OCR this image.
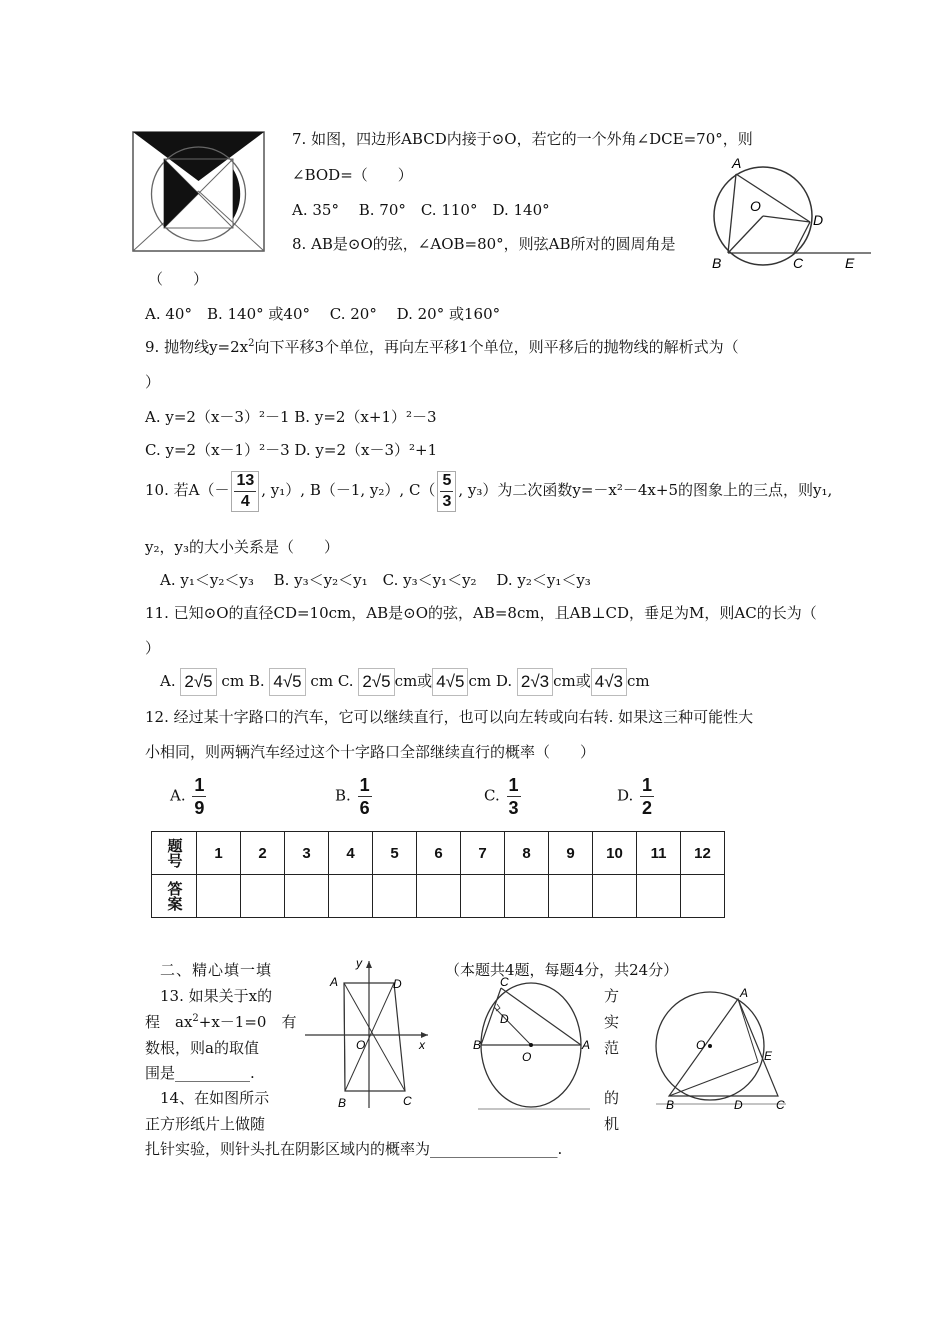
A
O
D
B	C	E
7. 如图，四边形ABCD内接于⊙O，若它的一个外角∠DCE=70°，则
∠BOD=（　　）
A. 35°　 B. 70°　C. 110°　D. 140°
8. AB是⊙O的弦，∠AOB=80°，则弦AB所对的圆周角是
（　　）
A. 40°　B. 140° 或40°　 C. 20°　 D. 20° 或160°
9. 抛物线$y=2x^2$向下平移3个单位，再向左平移1个单位，则平移后的抛物线的解析式为（
）
A. y=2（x－3）²－1 B. y=2（x+1）²－3
C. y=2（x－1）²－3 D. y=2（x－3）²+1
10. 若$A(- \frac{13}{4}$ , y₁）, B（－1, y₂）, $C( \frac{5}{3}$ , y₃）为二次函数y=－x²－4x+5的图象上的三点，则y₁,
y₂，y₃的大小关系是（　　）
A. y₁＜y₂＜y₃　 B. y₃＜y₂＜y₁　C. y₃＜y₁＜y₂　 D. y₂＜y₁＜y₃
11. 已知⊙O的直径CD=10cm，AB是⊙O的弦，AB=8cm，且AB⊥CD，垂足为M，则AC的长为（
）
A. 2√5 cm B. 4√5 cm C. 2√5 cm或 4√5 cm D. 2√3 cm或 4√3 cm
12. 经过某十字路口的汽车，它可以继续直行，也可以向左转或向右转. 如果这三种可能性大
小相同，则两辆汽车经过这个十字路口全部继续直行的概率（　　）
A. $\frac{1}{9}$	B. $\frac{1}{6}$	C. $\frac{1}{3}$	D. $\frac{1}{2}$
题号	1	2	3	4	5	6	7	8	9	10	11	12
答案												
二、精心填一填	（本题共4题，每题4分，共24分）
y
A	D
O	x
B	C
C
D
B
O
A
A
O
E
B	D	C
13. 如果关于x的	方
程　$ax^2+x-1=0$　有	实
数根，则a的取值	范
围是__________.
14、在如图所示	的
正方形纸片上做随	机
扎针实验，则针头扎在阴影区域内的概率为_________________.
